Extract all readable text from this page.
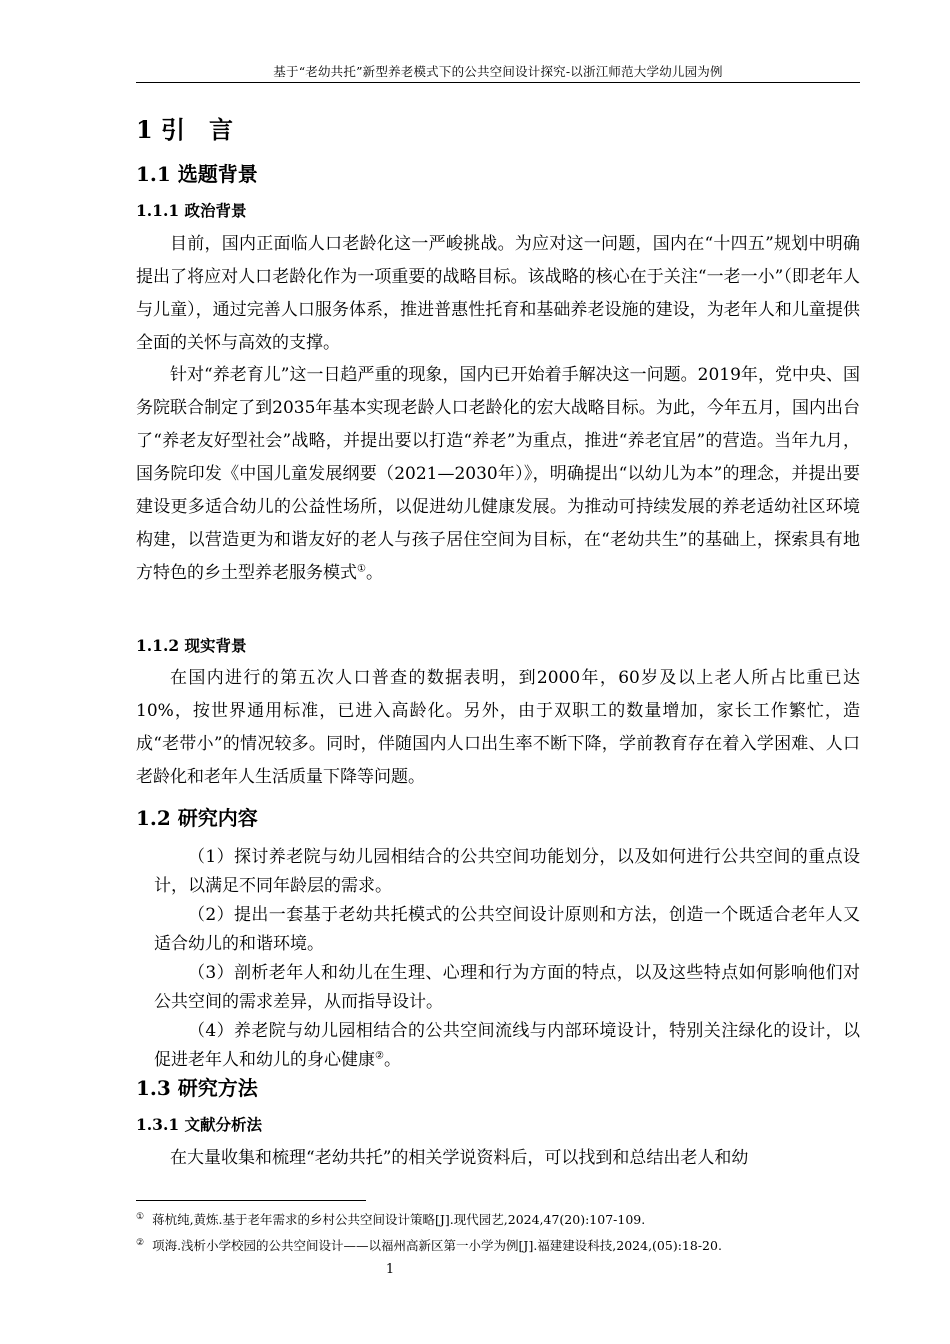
基于“老幼共托”新型养老模式下的公共空间设计探究-以浙江师范大学幼儿园为例
1 引　言
1.1 选题背景
1.1.1 政治背景

目前，国内正面临人口老龄化这一严峻挑战。为应对这一问题，国内在“十四五”规划中明确提出了将应对人口老龄化作为一项重要的战略目标。该战略的核心在于关注“一老一小”（即老年人与儿童），通过完善人口服务体系，推进普惠性托育和基础养老设施的建设，为老年人和儿童提供全面的关怀与高效的支撑。

针对“养老育儿”这一日趋严重的现象，国内已开始着手解决这一问题。2019年，党中央、国务院联合制定了到2035年基本实现老龄人口老龄化的宏大战略目标。为此，今年五月，国内出台了“养老友好型社会”战略，并提出要以打造“养老”为重点，推进“养老宜居”的营造。当年九月，国务院印发《中国儿童发展纲要（2021—2030年）》，明确提出“以幼儿为本”的理念，并提出要建设更多适合幼儿的公益性场所，以促进幼儿健康发展。为推动可持续发展的养老适幼社区环境构建，以营造更为和谐友好的老人与孩子居住空间为目标，在“老幼共生”的基础上，探索具有地方特色的乡土型养老服务模式①。

1.1.2 现实背景

在国内进行的第五次人口普查的数据表明，到2000年，60岁及以上老人所占比重已达10%，按世界通用标准，已进入高龄化。另外，由于双职工的数量增加，家长工作繁忙，造成“老带小”的情况较多。同时，伴随国内人口出生率不断下降，学前教育存在着入学困难、人口老龄化和老年人生活质量下降等问题。

1.2 研究内容

（1）探讨养老院与幼儿园相结合的公共空间功能划分，以及如何进行公共空间的重点设计，以满足不同年龄层的需求。

（2）提出一套基于老幼共托模式的公共空间设计原则和方法，创造一个既适合老年人又适合幼儿的和谐环境。

（3）剖析老年人和幼儿在生理、心理和行为方面的特点，以及这些特点如何影响他们对公共空间的需求差异，从而指导设计。

（4）养老院与幼儿园相结合的公共空间流线与内部环境设计，特别关注绿化的设计，以促进老年人和幼儿的身心健康②。

1.3 研究方法
1.3.1 文献分析法

在大量收集和梳理“老幼共托”的相关学说资料后，可以找到和总结出老人和幼

① 蒋杭纯,黄炼.基于老年需求的乡村公共空间设计策略[J].现代园艺,2024,47(20):107-109.
② 项海.浅析小学校园的公共空间设计——以福州高新区第一小学为例[J].福建建设科技,2024,(05):18-20.
1
